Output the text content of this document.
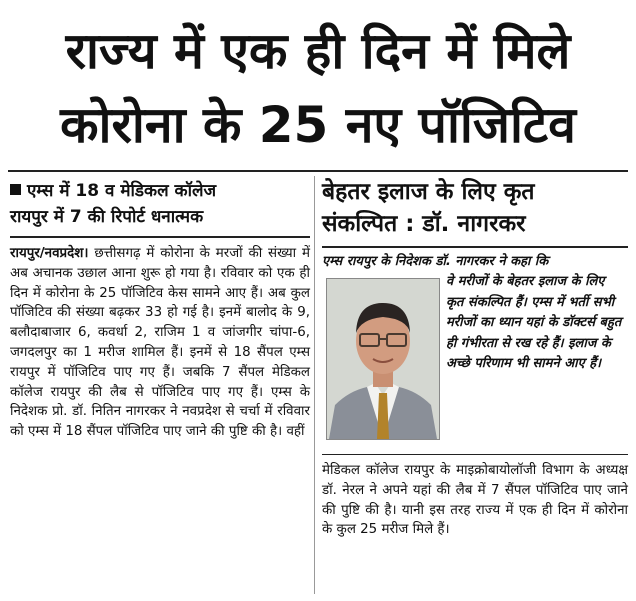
राज्य में एक ही दिन में मिले
कोरोना के 25 नए पॉजिटिव
एम्स में 18 व मेडिकल कॉलेज
रायपुर में 7 की रिपोर्ट धनात्मक

रायपुर/नवप्रदेश। छत्तीसगढ़ में कोरोना के मरजों की संख्या में अब अचानक उछाल आना शुरू हो गया है। रविवार को एक ही दिन में कोरोना के 25 पॉजिटिव केस सामने आए हैं। अब कुल पॉजिटिव की संख्या बढ़कर 33 हो गई है। इनमें बालोद के 9, बलौदाबाजार 6, कवर्धा 2, राजिम 1 व जांजगीर चांपा-6, जगदलपुर का 1 मरीज शामिल हैं। इनमें से 18 सैंपल एम्स रायपुर में पॉजिटिव पाए गए हैं। जबकि 7 सैंपल मेडिकल कॉलेज रायपुर की लैब से पॉजिटिव पाए गए हैं। एम्स के निदेशक प्रो. डॉ. नितिन नागरकर ने नवप्रदेश से चर्चा में रविवार को एम्स में 18 सैंपल पॉजिटिव पाए जाने की पुष्टि की है। वहीं

बेहतर इलाज के लिए कृत
संकल्पित : डॉ. नागरकर

एम्स रायपुर के निदेशक डॉ. नागरकर ने कहा कि

वे मरीजों के बेहतर इलाज के लिए कृत संकल्पित हैं। एम्स में भर्ती सभी मरीजों का ध्यान यहां के डॉक्टर्स बहुत ही गंभीरता से रख रहे हैं। इलाज के अच्छे परिणाम भी सामने आए हैं।

मेडिकल कॉलेज रायपुर के माइक्रोबायोलॉजी विभाग के अध्यक्ष डॉ. नेरल ने अपने यहां की लैब में 7 सैंपल पॉजिटिव पाए जाने की पुष्टि की है। यानी इस तरह राज्य में एक ही दिन में कोरोना के कुल 25 मरीज मिले हैं।
